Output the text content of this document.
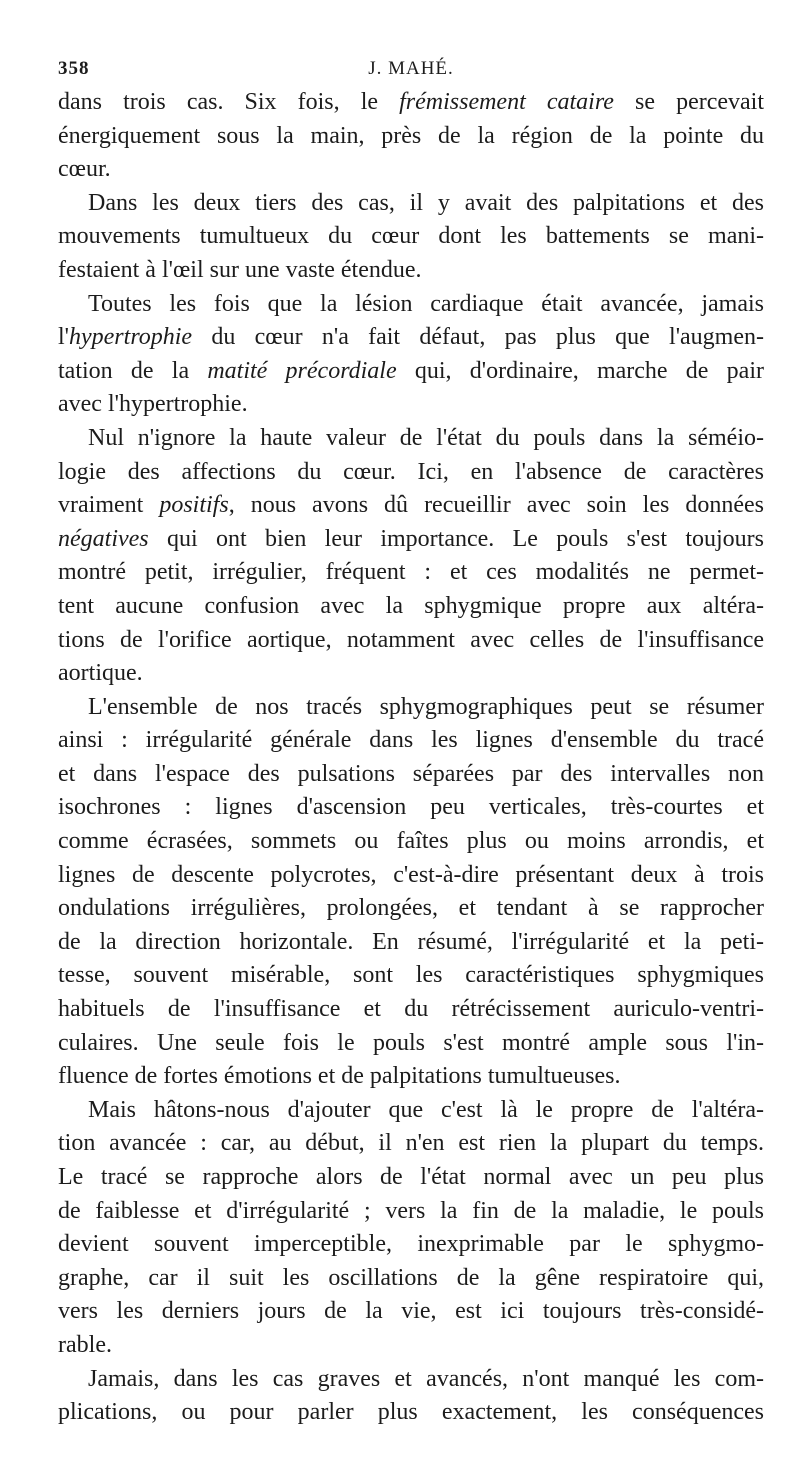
358	J. MAHÉ.

dans trois cas. Six fois, le frémissement cataire se percevait
énergiquement sous la main, près de la région de la pointe du
cœur.

Dans les deux tiers des cas, il y avait des palpitations et des
mouvements tumultueux du cœur dont les battements se mani-
festaient à l'œil sur une vaste étendue.

Toutes les fois que la lésion cardiaque était avancée, jamais
l'hypertrophie du cœur n'a fait défaut, pas plus que l'augmen-
tation de la matité précordiale qui, d'ordinaire, marche de pair
avec l'hypertrophie.

Nul n'ignore la haute valeur de l'état du pouls dans la séméio-
logie des affections du cœur. Ici, en l'absence de caractères
vraiment positifs, nous avons dû recueillir avec soin les données
négatives qui ont bien leur importance. Le pouls s'est toujours
montré petit, irrégulier, fréquent : et ces modalités ne permet-
tent aucune confusion avec la sphygmique propre aux altéra-
tions de l'orifice aortique, notamment avec celles de l'insuffisance
aortique.

L'ensemble de nos tracés sphygmographiques peut se résumer
ainsi : irrégularité générale dans les lignes d'ensemble du tracé
et dans l'espace des pulsations séparées par des intervalles non
isochrones : lignes d'ascension peu verticales, très-courtes et
comme écrasées, sommets ou faîtes plus ou moins arrondis, et
lignes de descente polycrotes, c'est-à-dire présentant deux à trois
ondulations irrégulières, prolongées, et tendant à se rapprocher
de la direction horizontale. En résumé, l'irrégularité et la peti-
tesse, souvent misérable, sont les caractéristiques sphygmiques
habituels de l'insuffisance et du rétrécissement auriculo-ventri-
culaires. Une seule fois le pouls s'est montré ample sous l'in-
fluence de fortes émotions et de palpitations tumultueuses.

Mais hâtons-nous d'ajouter que c'est là le propre de l'altéra-
tion avancée : car, au début, il n'en est rien la plupart du temps.
Le tracé se rapproche alors de l'état normal avec un peu plus
de faiblesse et d'irrégularité ; vers la fin de la maladie, le pouls
devient souvent imperceptible, inexprimable par le sphygmo-
graphe, car il suit les oscillations de la gêne respiratoire qui,
vers les derniers jours de la vie, est ici toujours très-considé-
rable.

Jamais, dans les cas graves et avancés, n'ont manqué les com-
plications, ou pour parler plus exactement, les conséquences
